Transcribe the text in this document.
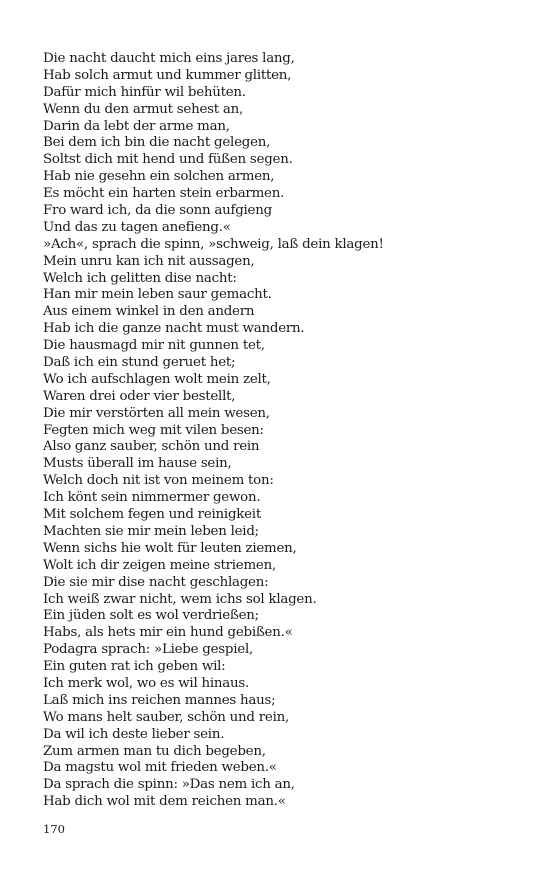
Die nacht daucht mich eins jares lang,
Hab solch armut und kummer glitten,
Dafür mich hinfür wil behüten.
Wenn du den armut sehest an,
Darin da lebt der arme man,
Bei dem ich bin die nacht gelegen,
Soltst dich mit hend und füßen segen.
Hab nie gesehn ein solchen armen,
Es möcht ein harten stein erbarmen.
Fro ward ich, da die sonn aufgieng
Und das zu tagen anefieng.«
»Ach«, sprach die spinn, »schweig, laß dein klagen!
Mein unru kan ich nit aussagen,
Welch ich gelitten dise nacht:
Han mir mein leben saur gemacht.
Aus einem winkel in den andern
Hab ich die ganze nacht must wandern.
Die hausmagd mir nit gunnen tet,
Daß ich ein stund geruet het;
Wo ich aufschlagen wolt mein zelt,
Waren drei oder vier bestellt,
Die mir verstörten all mein wesen,
Fegten mich weg mit vilen besen:
Also ganz sauber, schön und rein
Musts überall im hause sein,
Welch doch nit ist von meinem ton:
Ich könt sein nimmermer gewon.
Mit solchem fegen und reinigkeit
Machten sie mir mein leben leid;
Wenn sichs hie wolt für leuten ziemen,
Wolt ich dir zeigen meine striemen,
Die sie mir dise nacht geschlagen:
Ich weiß zwar nicht, wem ichs sol klagen.
Ein jüden solt es wol verdrießen;
Habs, als hets mir ein hund gebißen.«
Podagra sprach: »Liebe gespiel,
Ein guten rat ich geben wil:
Ich merk wol, wo es wil hinaus.
Laß mich ins reichen mannes haus;
Wo mans helt sauber, schön und rein,
Da wil ich deste lieber sein.
Zum armen man tu dich begeben,
Da magstu wol mit frieden weben.«
Da sprach die spinn: »Das nem ich an,
Hab dich wol mit dem reichen man.«
170
